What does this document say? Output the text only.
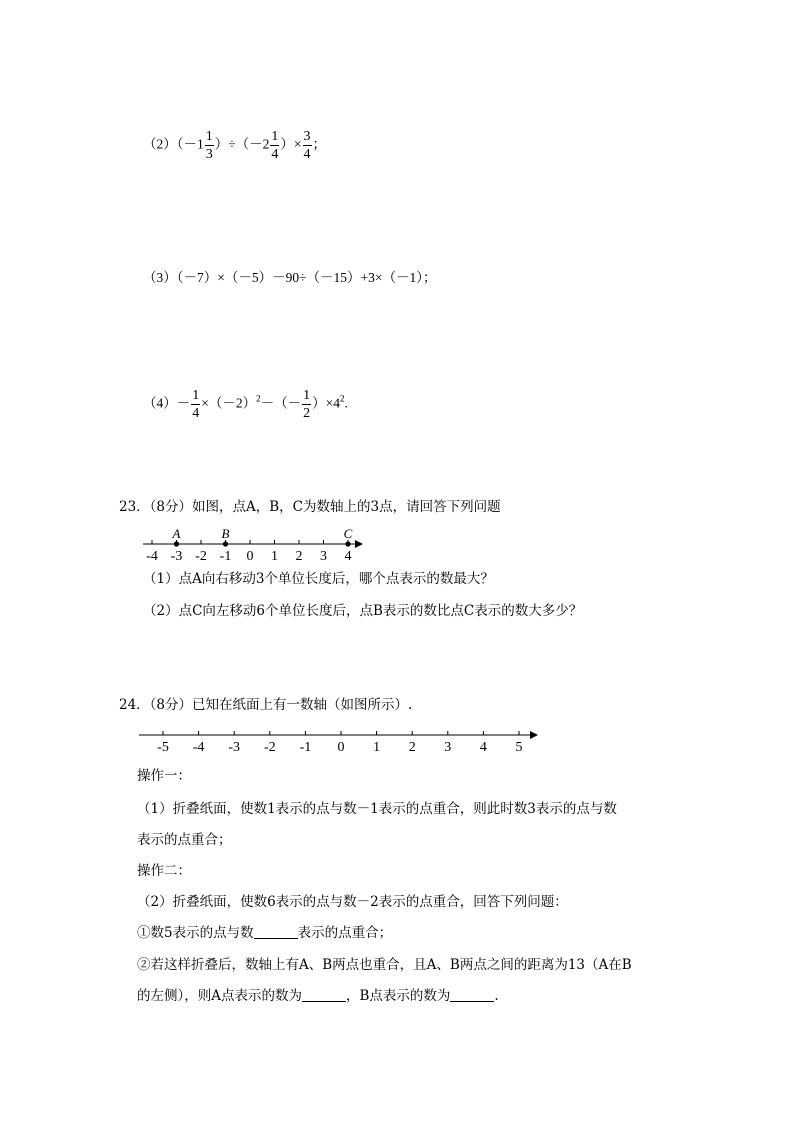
$(2)(-1 \frac{1}{3} )\div(-2 \frac{1}{4}$ ）× $\frac{3}{4}$ ；
（3）（－7）×（－5）－90÷（－15）+3×（－1）；
$(4)- \frac{1}{4} \times(-2)^2-(- \frac{1}{2} )\times 4^2$.
23．（8分）如图，点A，B，C为数轴上的3点，请回答下列问题
-4 -3 -2 -1 0 1 2 3 4
A	B	C
（1）点A向右移动3个单位长度后，哪个点表示的数最大？
（2）点C向左移动6个单位长度后，点B表示的数比点C表示的数大多少？
24．（8分）已知在纸面上有一数轴（如图所示）.
-5 -4 -3 -2 -1 0 1 2 3 4 5
操作一：
（1）折叠纸面，使数1表示的点与数－1表示的点重合，则此时数3表示的点与数
表示的点重合；
操作二：
（2）折叠纸面，使数6表示的点与数－2表示的点重合，回答下列问题：
①数5表示的点与数	表示的点重合；
②若这样折叠后，数轴上有A、B两点也重合，且A、B两点之间的距离为13（A在B
的左侧），则A点表示的数为	，B点表示的数为	.
